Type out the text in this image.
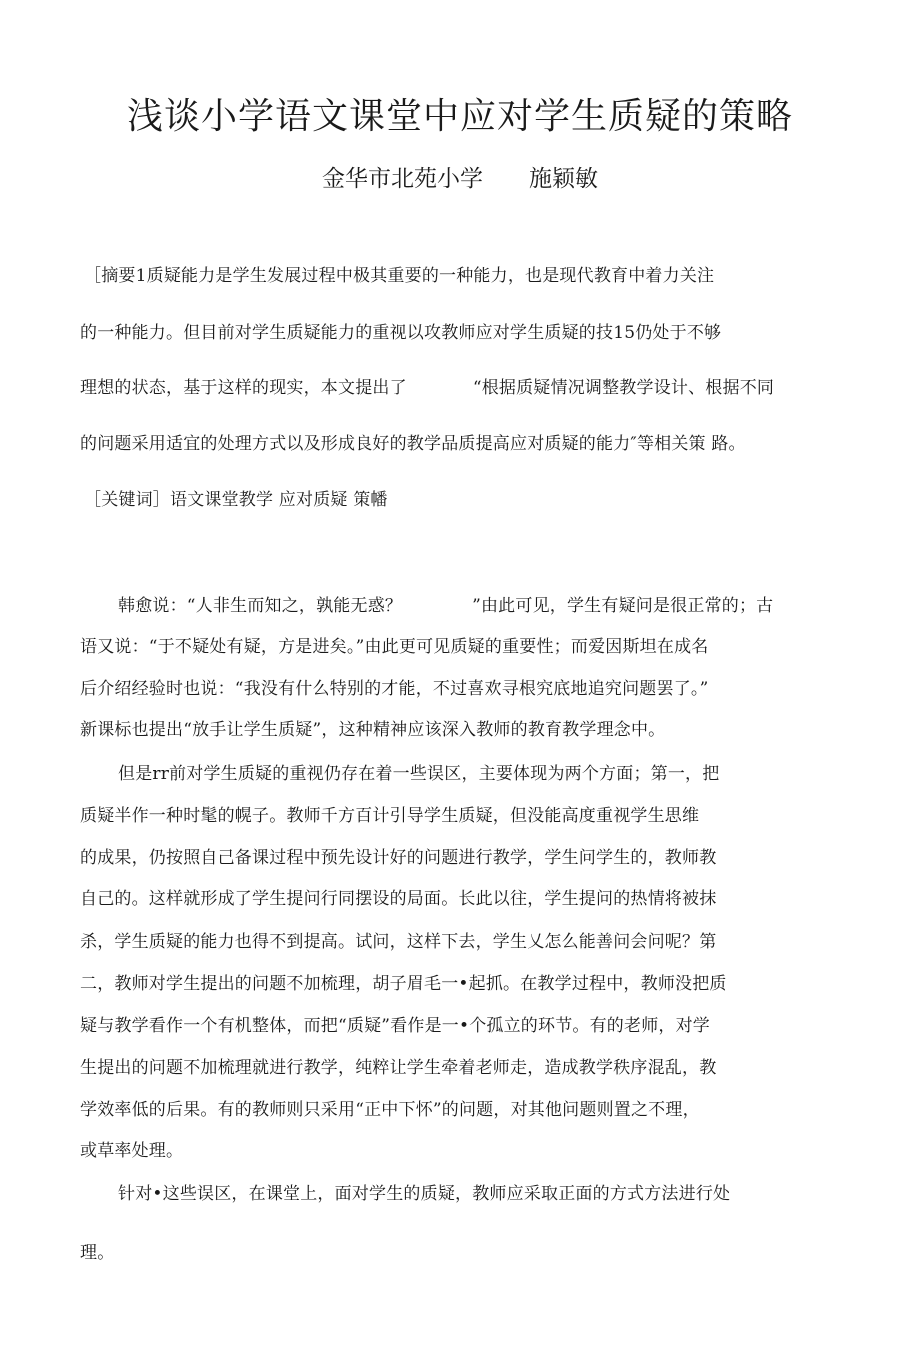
浅谈小学语文课堂中应对学生质疑的策略
金华市北苑小学 施颖敏
［摘要1质疑能力是学生发展过程中极其重要的一种能力，也是现代教育中着力关注
的一种能力。但目前对学生质疑能力的重视以攻教师应对学生质疑的技15仍处于不够
理想的状态，基于这样的现实，本文提出了	“根据质疑情况调整教学设计、根据不同
的问题采用适宜的处理方式以及形成良好的教学品质提高应对质疑的能力″等相关策 路。
［关键词］语文课堂教学 应对质疑 策幡
韩愈说：“人非生而知之，孰能无惑？	”由此可见，学生有疑问是很正常的；古
语又说：“于不疑处有疑，方是进矣。”由此更可见质疑的重要性；而爱因斯坦在成名
后介绍经验时也说：“我没有什么特别的才能，不过喜欢寻根究底地追究问题罢了。”
新课标也提出“放手让学生质疑”，这种精神应该深入教师的教育教学理念中。
但是rr前对学生质疑的重视仍存在着一些误区，主要体现为两个方面；第一，把
质疑半作一种时髦的幌子。教师千方百计引导学生质疑，但没能高度重视学生思维
的成果，仍按照自己备课过程中预先设计好的问题进行教学，学生问学生的，教师教
自己的。这样就形成了学生提问行同摆设的局面。长此以往，学生提问的热情将被抹
杀，学生质疑的能力也得不到提高。试问，这样下去，学生乂怎么能善问会问呢？第
二，教师对学生提出的问题不加梳理，胡子眉毛一•起抓。在教学过程中，教师没把质
疑与教学看作一个有机整体，而把“质疑”看作是一•个孤立的环节。有的老师，对学
生提出的问题不加梳理就进行教学，纯粹让学生牵着老师走，造成教学秩序混乱，教
学效率低的后果。有的教师则只采用“正中下怀”的问题，对其他问题则置之不理，
或草率处理。
针对•这些误区，在课堂上，面对学生的质疑，教师应采取正面的方式方法进行处
理。
